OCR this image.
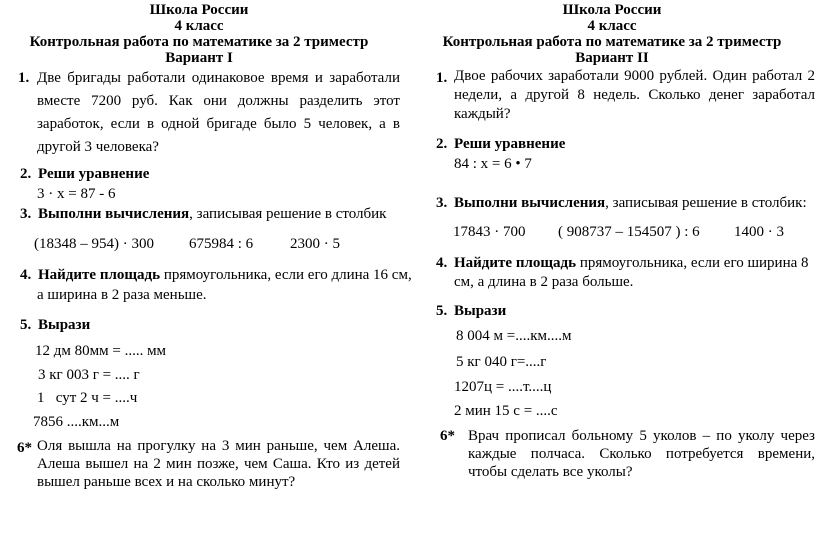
Школа России
4 класс
Контрольная работа по математике за 2 триместр
Вариант I
1. Две бригады работали одинаковое время и заработали вместе 7200 руб. Как они должны разделить этот заработок, если в одной бригаде было 5 человек, а в другой 3 человека?
2. Реши уравнение
3 · x = 87 - 6
3. Выполни вычисления, записывая решение в столбик
(18348 – 954) · 300 675984 : 6 2300 · 5
4. Найдите площадь прямоугольника, если его длина 16 см,
а ширина в 2 раза меньше.
5. Вырази
12 дм 80мм = ..... мм
3 кг 003 г = .... г
1   сут 2 ч = ....ч
7856 ....км...м
6* Оля вышла на прогулку на 3 мин раньше, чем Алеша. Алеша вышел на 2 мин позже, чем Саша. Кто из детей вышел раньше всех и на сколько минут?
Школа России
4 класс
Контрольная работа по математике за 2 триместр
Вариант II
1. Двое рабочих заработали 9000 рублей. Один работал 2 недели, а другой 8 недель. Сколько денег заработал каждый?
2. Реши уравнение
84 : x = 6 • 7
3. Выполни вычисления, записывая решение в столбик:
17843 · 700 ( 908737 – 154507 ) : 6 1400 · 3
4. Найдите площадь прямоугольника, если его ширина 8
см, а длина в 2 раза больше.
5. Вырази
8 004 м =....км....м
5 кг 040 г=....г
1207ц = ....т....ц
2 мин 15 с = ....с
6* Врач прописал больному 5 уколов – по уколу через каждые полчаса. Сколько потребуется времени, чтобы сделать все уколы?
